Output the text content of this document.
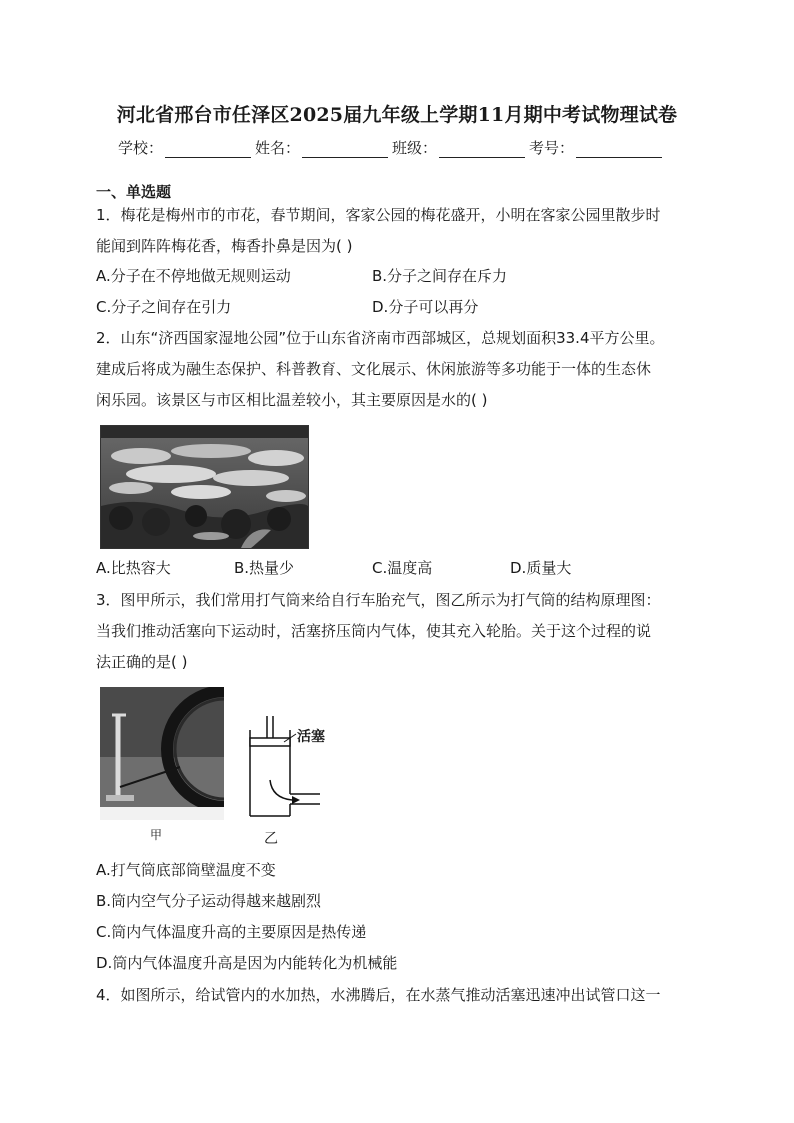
河北省邢台市任泽区2025届九年级上学期11月期中考试物理试卷
学校：	姓名：	班级：	考号：
一、单选题
1．梅花是梅州市的市花，春节期间，客家公园的梅花盛开，小明在客家公园里散步时
能闻到阵阵梅花香，梅香扑鼻是因为( )
A.分子在不停地做无规则运动	B.分子之间存在斥力
C.分子之间存在引力	D.分子可以再分
2．山东“济西国家湿地公园”位于山东省济南市西部城区，总规划面积33.4平方公里。
建成后将成为融生态保护、科普教育、文化展示、休闲旅游等多功能于一体的生态休
闲乐园。该景区与市区相比温差较小，其主要原因是水的( )
A.比热容大	B.热量少	C.温度高	D.质量大
3．图甲所示，我们常用打气筒来给自行车胎充气，图乙所示为打气筒的结构原理图：
当我们推动活塞向下运动时，活塞挤压筒内气体，使其充入轮胎。关于这个过程的说
法正确的是( )
甲
活塞
乙
A.打气筒底部筒壁温度不变
B.筒内空气分子运动得越来越剧烈
C.筒内气体温度升高的主要原因是热传递
D.筒内气体温度升高是因为内能转化为机械能
4．如图所示，给试管内的水加热，水沸腾后，在水蒸气推动活塞迅速冲出试管口这一
